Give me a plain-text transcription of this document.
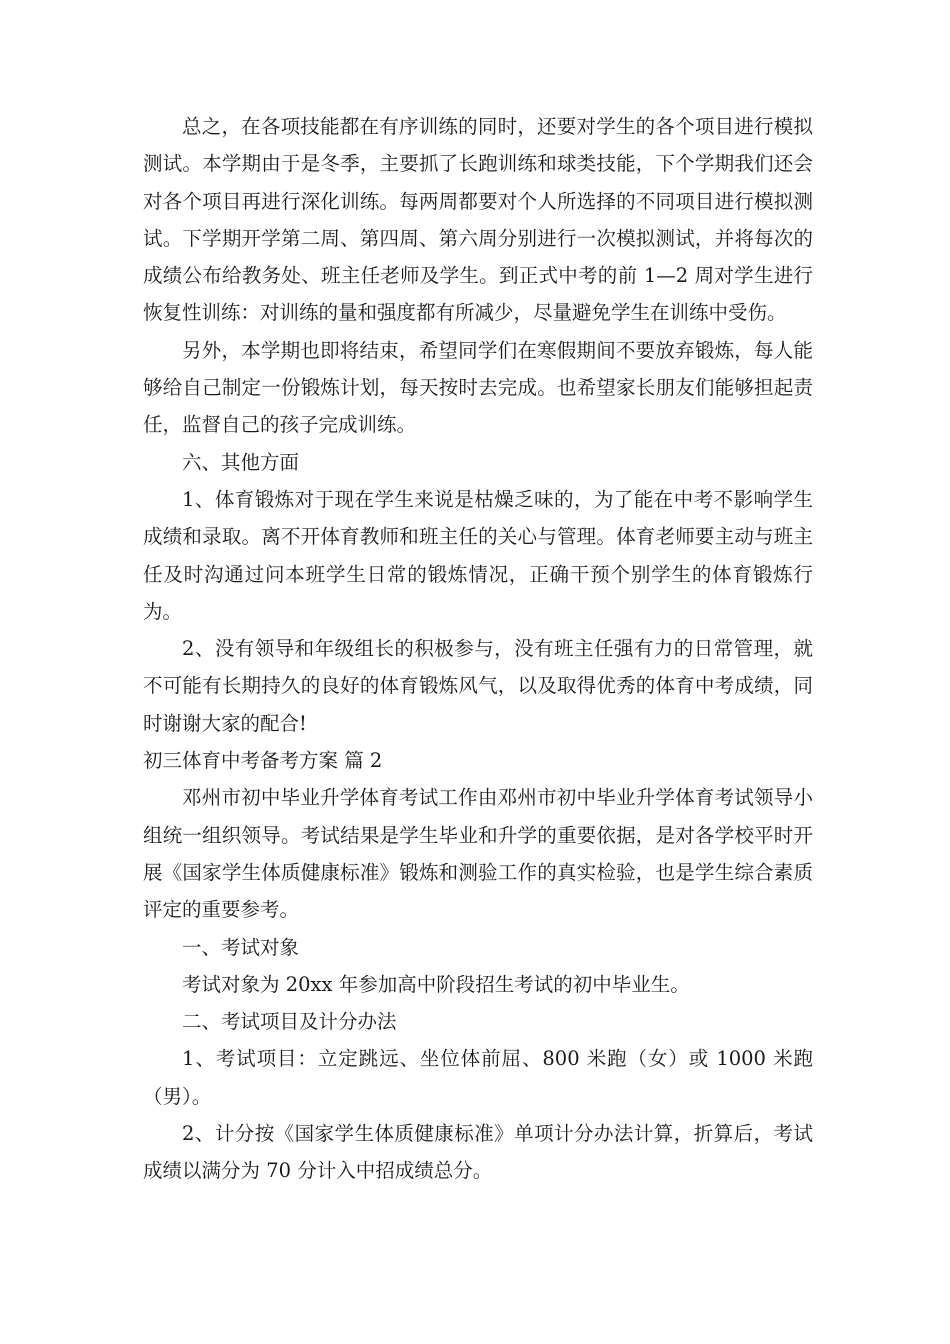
总之，在各项技能都在有序训练的同时，还要对学生的各个项目进行模拟测试。本学期由于是冬季，主要抓了长跑训练和球类技能，下个学期我们还会对各个项目再进行深化训练。每两周都要对个人所选择的不同项目进行模拟测试。下学期开学第二周、第四周、第六周分别进行一次模拟测试，并将每次的成绩公布给教务处、班主任老师及学生。到正式中考的前 1—2 周对学生进行恢复性训练：对训练的量和强度都有所减少，尽量避免学生在训练中受伤。

另外，本学期也即将结束，希望同学们在寒假期间不要放弃锻炼，每人能够给自己制定一份锻炼计划，每天按时去完成。也希望家长朋友们能够担起责任，监督自己的孩子完成训练。

六、其他方面

1、体育锻炼对于现在学生来说是枯燥乏味的，为了能在中考不影响学生成绩和录取。离不开体育教师和班主任的关心与管理。体育老师要主动与班主任及时沟通过问本班学生日常的锻炼情况，正确干预个别学生的体育锻炼行为。

2、没有领导和年级组长的积极参与，没有班主任强有力的日常管理，就不可能有长期持久的良好的体育锻炼风气，以及取得优秀的体育中考成绩，同时谢谢大家的配合!

初三体育中考备考方案 篇 2

邓州市初中毕业升学体育考试工作由邓州市初中毕业升学体育考试领导小组统一组织领导。考试结果是学生毕业和升学的重要依据，是对各学校平时开展《国家学生体质健康标准》锻炼和测验工作的真实检验，也是学生综合素质评定的重要参考。

一、考试对象

考试对象为 20xx 年参加高中阶段招生考试的初中毕业生。

二、考试项目及计分办法

1、考试项目：立定跳远、坐位体前屈、800 米跑（女）或 1000 米跑（男）。

2、计分按《国家学生体质健康标准》单项计分办法计算，折算后，考试成绩以满分为 70 分计入中招成绩总分。
